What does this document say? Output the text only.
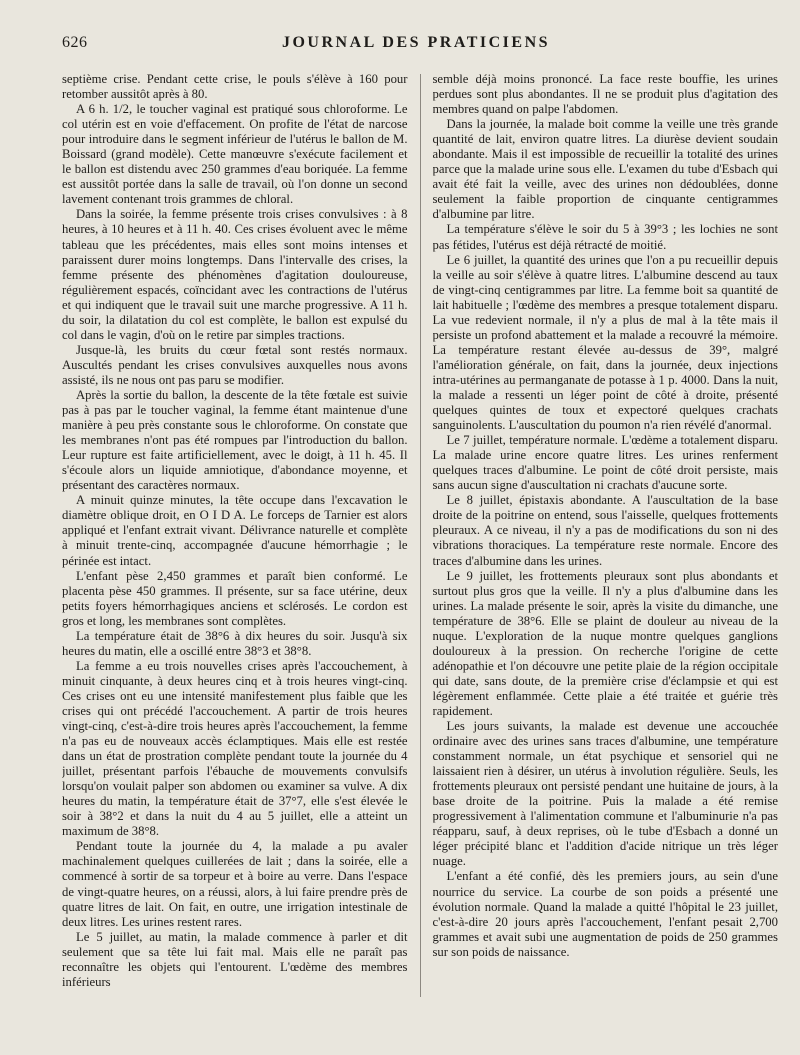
626	JOURNAL DES PRATICIENS

septième crise. Pendant cette crise, le pouls s'élève à 160 pour retomber aussitôt après à 80.

A 6 h. 1/2, le toucher vaginal est pratiqué sous chloroforme. Le col utérin est en voie d'effacement. On profite de l'état de narcose pour introduire dans le segment inférieur de l'utérus le ballon de M. Boissard (grand modèle). Cette manœuvre s'exécute facilement et le ballon est distendu avec 250 grammes d'eau boriquée. La femme est aussitôt portée dans la salle de travail, où l'on donne un second lavement contenant trois grammes de chloral.

Dans la soirée, la femme présente trois crises convulsives : à 8 heures, à 10 heures et à 11 h. 40. Ces crises évoluent avec le même tableau que les précédentes, mais elles sont moins intenses et paraissent durer moins longtemps. Dans l'intervalle des crises, la femme présente des phénomènes d'agitation douloureuse, régulièrement espacés, coïncidant avec les contractions de l'utérus et qui indiquent que le travail suit une marche progressive. A 11 h. du soir, la dilatation du col est complète, le ballon est expulsé du col dans le vagin, d'où on le retire par simples tractions.

Jusque-là, les bruits du cœur fœtal sont restés normaux. Auscultés pendant les crises convulsives auxquelles nous avons assisté, ils ne nous ont pas paru se modifier.

Après la sortie du ballon, la descente de la tête fœtale est suivie pas à pas par le toucher vaginal, la femme étant maintenue d'une manière à peu près constante sous le chloroforme. On constate que les membranes n'ont pas été rompues par l'introduction du ballon. Leur rupture est faite artificiellement, avec le doigt, à 11 h. 45. Il s'écoule alors un liquide amniotique, d'abondance moyenne, et présentant des caractères normaux.

A minuit quinze minutes, la tête occupe dans l'excavation le diamètre oblique droit, en O I D A. Le forceps de Tarnier est alors appliqué et l'enfant extrait vivant. Délivrance naturelle et complète à minuit trente-cinq, accompagnée d'aucune hémorrhagie ; le périnée est intact.

L'enfant pèse 2,450 grammes et paraît bien conformé. Le placenta pèse 450 grammes. Il présente, sur sa face utérine, deux petits foyers hémorrhagiques anciens et sclérosés. Le cordon est gros et long, les membranes sont complètes.

La température était de 38°6 à dix heures du soir. Jusqu'à six heures du matin, elle a oscillé entre 38°3 et 38°8.

La femme a eu trois nouvelles crises après l'accouchement, à minuit cinquante, à deux heures cinq et à trois heures vingt-cinq. Ces crises ont eu une intensité manifestement plus faible que les crises qui ont précédé l'accouchement. A partir de trois heures vingt-cinq, c'est-à-dire trois heures après l'accouchement, la femme n'a pas eu de nouveaux accès éclamptiques. Mais elle est restée dans un état de prostration complète pendant toute la journée du 4 juillet, présentant parfois l'ébauche de mouvements convulsifs lorsqu'on voulait palper son abdomen ou examiner sa vulve. A dix heures du matin, la température était de 37°7, elle s'est élevée le soir à 38°2 et dans la nuit du 4 au 5 juillet, elle a atteint un maximum de 38°8.

Pendant toute la journée du 4, la malade a pu avaler machinalement quelques cuillerées de lait ; dans la soirée, elle a commencé à sortir de sa torpeur et à boire au verre. Dans l'espace de vingt-quatre heures, on a réussi, alors, à lui faire prendre près de quatre litres de lait. On fait, en outre, une irrigation intestinale de deux litres. Les urines restent rares.

Le 5 juillet, au matin, la malade commence à parler et dit seulement que sa tête lui fait mal. Mais elle ne paraît pas reconnaître les objets qui l'entourent. L'œdème des membres inférieurs

semble déjà moins prononcé. La face reste bouffie, les urines perdues sont plus abondantes. Il ne se produit plus d'agitation des membres quand on palpe l'abdomen.

Dans la journée, la malade boit comme la veille une très grande quantité de lait, environ quatre litres. La diurèse devient soudain abondante. Mais il est impossible de recueillir la totalité des urines parce que la malade urine sous elle. L'examen du tube d'Esbach qui avait été fait la veille, avec des urines non dédoublées, donne seulement la faible proportion de cinquante centigrammes d'albumine par litre.

La température s'élève le soir du 5 à 39°3 ; les lochies ne sont pas fétides, l'utérus est déjà rétracté de moitié.

Le 6 juillet, la quantité des urines que l'on a pu recueillir depuis la veille au soir s'élève à quatre litres. L'albumine descend au taux de vingt-cinq centigrammes par litre. La femme boit sa quantité de lait habituelle ; l'œdème des membres a presque totalement disparu. La vue redevient normale, il n'y a plus de mal à la tête mais il persiste un profond abattement et la malade a recouvré la mémoire. La température restant élevée au-dessus de 39°, malgré l'amélioration générale, on fait, dans la journée, deux injections intra-utérines au permanganate de potasse à 1 p. 4000. Dans la nuit, la malade a ressenti un léger point de côté à droite, présenté quelques quintes de toux et expectoré quelques crachats sanguinolents. L'auscultation du poumon n'a rien révélé d'anormal.

Le 7 juillet, température normale. L'œdème a totalement disparu. La malade urine encore quatre litres. Les urines renferment quelques traces d'albumine. Le point de côté droit persiste, mais sans aucun signe d'auscultation ni crachats d'aucune sorte.

Le 8 juillet, épistaxis abondante. A l'auscultation de la base droite de la poitrine on entend, sous l'aisselle, quelques frottements pleuraux. A ce niveau, il n'y a pas de modifications du son ni des vibrations thoraciques. La température reste normale. Encore des traces d'albumine dans les urines.

Le 9 juillet, les frottements pleuraux sont plus abondants et surtout plus gros que la veille. Il n'y a plus d'albumine dans les urines. La malade présente le soir, après la visite du dimanche, une température de 38°6. Elle se plaint de douleur au niveau de la nuque. L'exploration de la nuque montre quelques ganglions douloureux à la pression. On recherche l'origine de cette adénopathie et l'on découvre une petite plaie de la région occipitale qui date, sans doute, de la première crise d'éclampsie et qui est légèrement enflammée. Cette plaie a été traitée et guérie très rapidement.

Les jours suivants, la malade est devenue une accouchée ordinaire avec des urines sans traces d'albumine, une température constamment normale, un état psychique et sensoriel qui ne laissaient rien à désirer, un utérus à involution régulière. Seuls, les frottements pleuraux ont persisté pendant une huitaine de jours, à la base droite de la poitrine. Puis la malade a été remise progressivement à l'alimentation commune et l'albuminurie n'a pas réapparu, sauf, à deux reprises, où le tube d'Esbach a donné un léger précipité blanc et l'addition d'acide nitrique un très léger nuage.

L'enfant a été confié, dès les premiers jours, au sein d'une nourrice du service. La courbe de son poids a présenté une évolution normale. Quand la malade a quitté l'hôpital le 23 juillet, c'est-à-dire 20 jours après l'accouchement, l'enfant pesait 2,700 grammes et avait subi une augmentation de poids de 250 grammes sur son poids de naissance.
